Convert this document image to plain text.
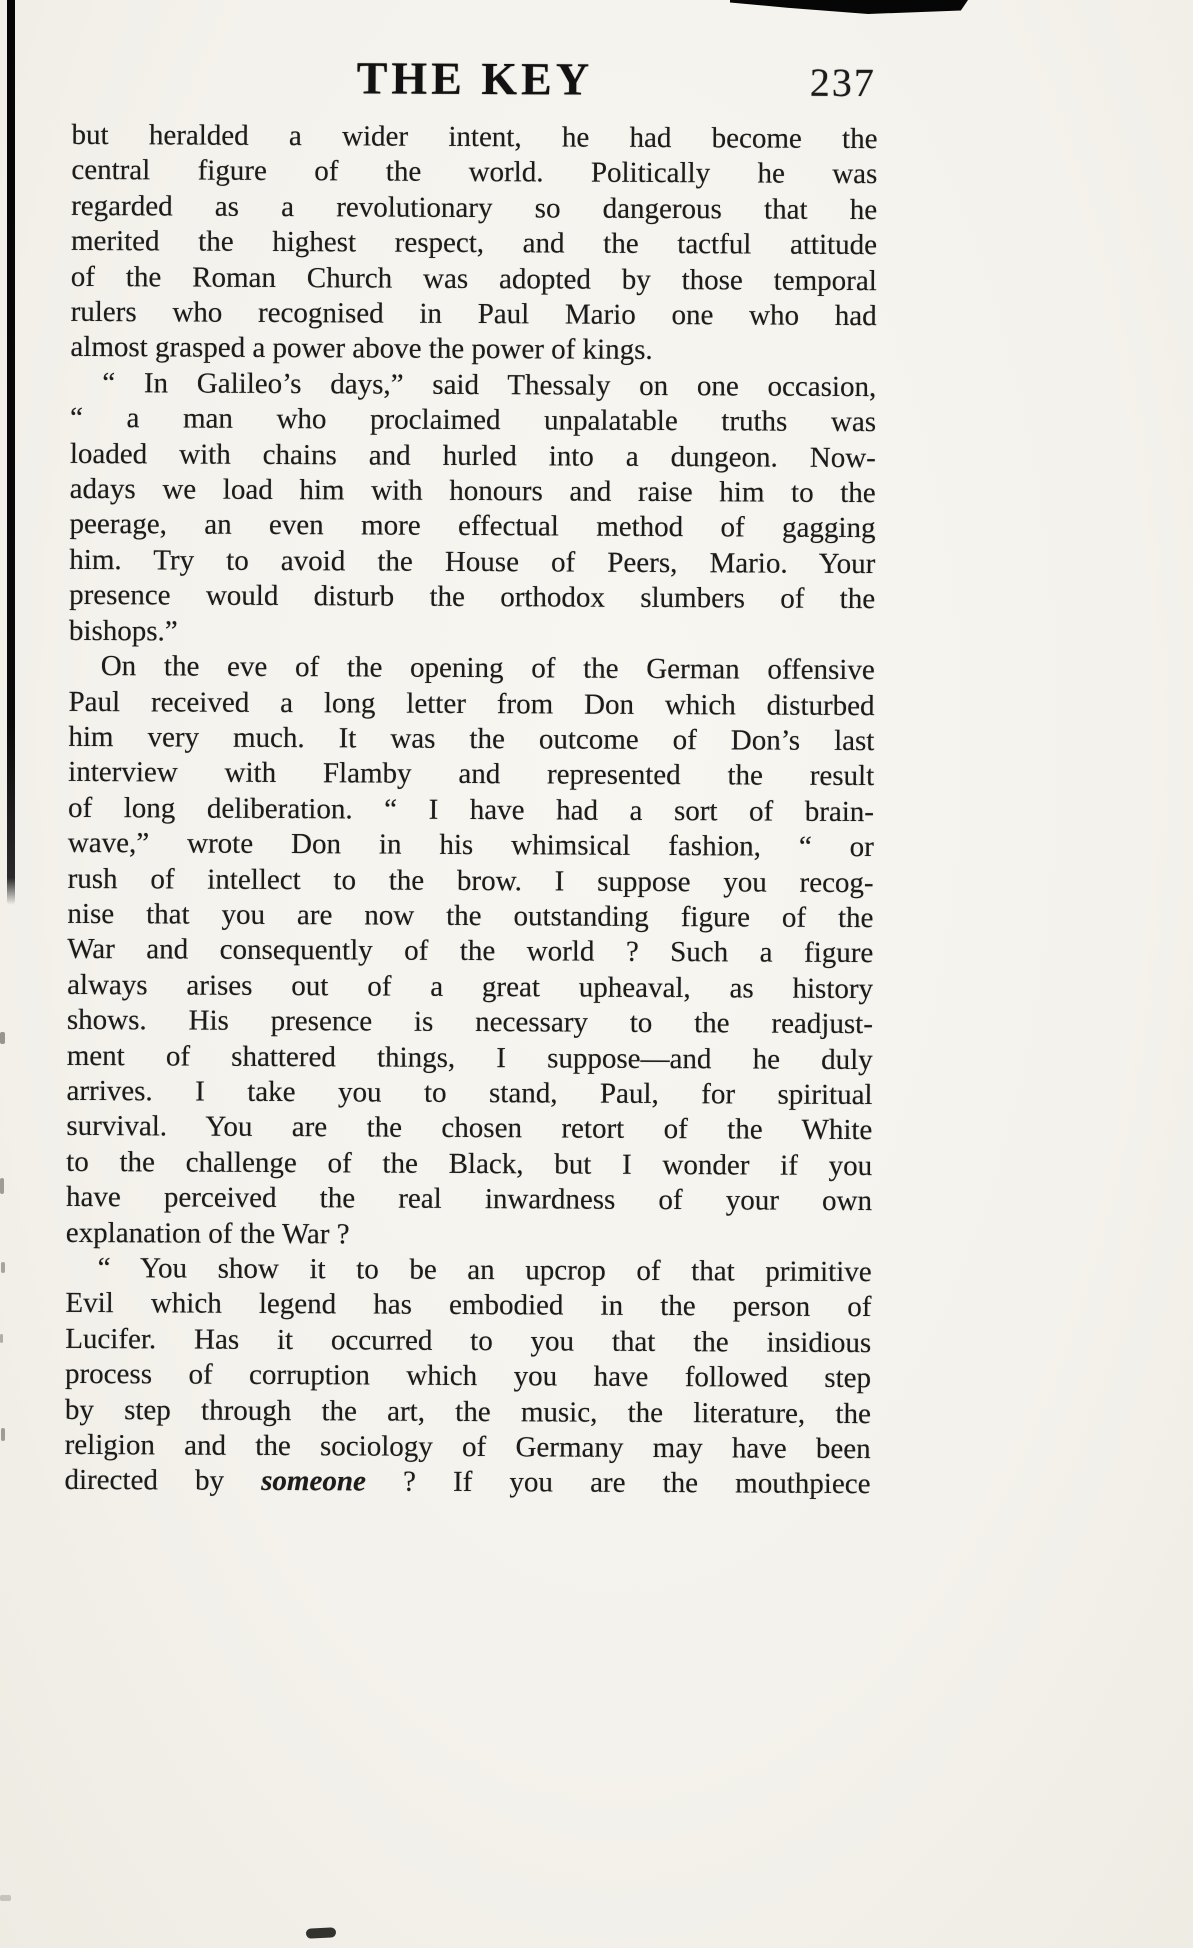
THE KEY	237
but heralded a wider intent, he had become the
central figure of the world. Politically he was
regarded as a revolutionary so dangerous that he
merited the highest respect, and the tactful attitude
of the Roman Church was adopted by those temporal
rulers who recognised in Paul Mario one who had
almost grasped a power above the power of kings.
“ In Galileo’s days,” said Thessaly on one occasion,
“ a man who proclaimed unpalatable truths was
loaded with chains and hurled into a dungeon. Now-
adays we load him with honours and raise him to the
peerage, an even more effectual method of gagging
him. Try to avoid the House of Peers, Mario. Your
presence would disturb the orthodox slumbers of the
bishops.”
On the eve of the opening of the German offensive
Paul received a long letter from Don which disturbed
him very much. It was the outcome of Don’s last
interview with Flamby and represented the result
of long deliberation. “ I have had a sort of brain-
wave,” wrote Don in his whimsical fashion, “ or
rush of intellect to the brow. I suppose you recog-
nise that you are now the outstanding figure of the
War and consequently of the world ? Such a figure
always arises out of a great upheaval, as history
shows. His presence is necessary to the readjust-
ment of shattered things, I suppose—and he duly
arrives. I take you to stand, Paul, for spiritual
survival. You are the chosen retort of the White
to the challenge of the Black, but I wonder if you
have perceived the real inwardness of your own
explanation of the War ?
“ You show it to be an upcrop of that primitive
Evil which legend has embodied in the person of
Lucifer. Has it occurred to you that the insidious
process of corruption which you have followed step
by step through the art, the music, the literature, the
religion and the sociology of Germany may have been
directed by someone ? If you are the mouthpiece
